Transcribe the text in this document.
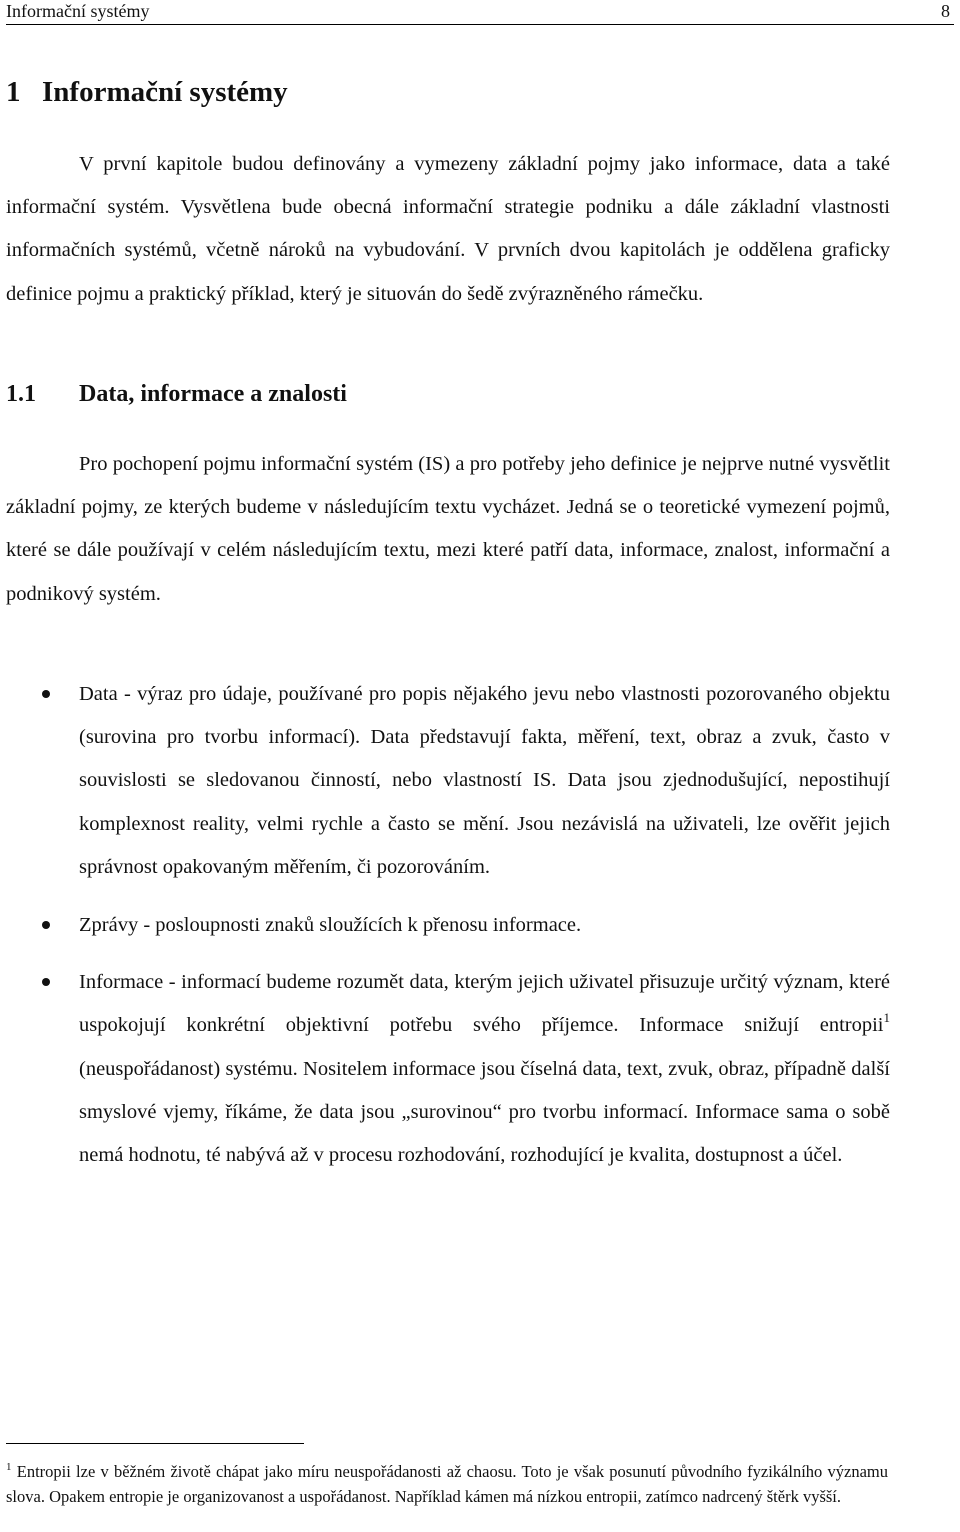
Informační systémy	8
1 Informační systémy

V první kapitole budou definovány a vymezeny základní pojmy jako informace, data a také informační systém. Vysvětlena bude obecná informační strategie podniku a dále základní vlastnosti informačních systémů, včetně nároků na vybudování. V prvních dvou kapitolách je oddělena graficky definice pojmu a praktický příklad, který je situován do šedě zvýrazněného rámečku.

1.1 Data, informace a znalosti

Pro pochopení pojmu informační systém (IS) a pro potřeby jeho definice je nejprve nutné vysvětlit základní pojmy, ze kterých budeme v následujícím textu vycházet. Jedná se o teoretické vymezení pojmů, které se dále používají v celém následujícím textu, mezi které patří data, informace, znalost, informační a podnikový systém.

Data - výraz pro údaje, používané pro popis nějakého jevu nebo vlastnosti pozorovaného objektu (surovina pro tvorbu informací). Data představují fakta, měření, text, obraz a zvuk, často v souvislosti se sledovanou činností, nebo vlastností IS. Data jsou zjednodušující, nepostihují komplexnost reality, velmi rychle a často se mění. Jsou nezávislá na uživateli, lze ověřit jejich správnost opakovaným měřením, či pozorováním.
Zprávy - posloupnosti znaků sloužících k přenosu informace.
Informace - informací budeme rozumět data, kterým jejich uživatel přisuzuje určitý význam, které uspokojují konkrétní objektivní potřebu svého příjemce. Informace snižují entropii$^1$ (neuspořádanost) systému. Nositelem informace jsou číselná data, text, zvuk, obraz, případně další smyslové vjemy, říkáme, že data jsou „surovinou“ pro tvorbu informací. Informace sama o sobě nemá hodnotu, té nabývá až v procesu rozhodování, rozhodující je kvalita, dostupnost a účel.

$^1$ Entropii lze v běžném životě chápat jako míru neuspořádanosti až chaosu. Toto je však posunutí původního fyzikálního významu slova. Opakem entropie je organizovanost a uspořádanost. Například kámen má nízkou entropii, zatímco nadrcený štěrk vyšší.
